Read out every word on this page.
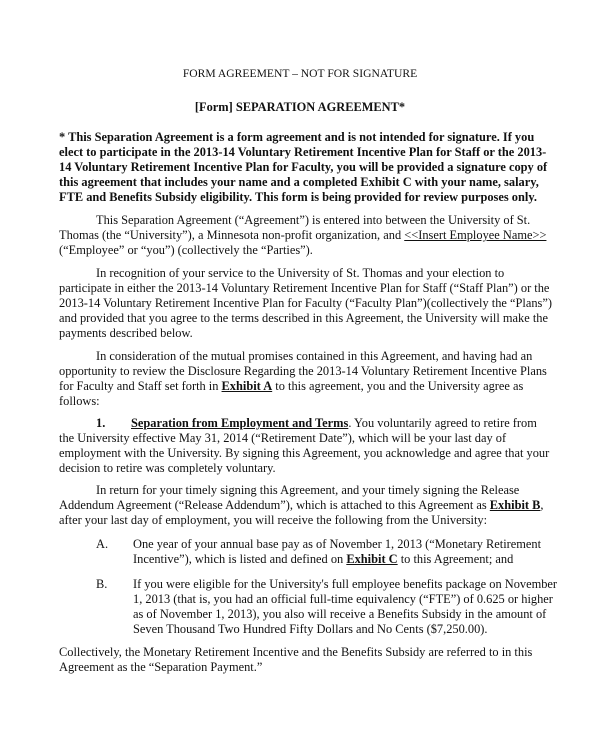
FORM AGREEMENT – NOT FOR SIGNATURE
[Form] SEPARATION AGREEMENT*
* This Separation Agreement is a form agreement and is not intended for signature. If you
elect to participate in the 2013-14 Voluntary Retirement Incentive Plan for Staff or the 2013-
14 Voluntary Retirement Incentive Plan for Faculty, you will be provided a signature copy of
this agreement that includes your name and a completed Exhibit C with your name, salary,
FTE and Benefits Subsidy eligibility. This form is being provided for review purposes only.
This Separation Agreement (“Agreement”) is entered into between the University of St.
Thomas (the “University”), a Minnesota non-profit organization, and <<Insert Employee Name>>
(“Employee” or “you”) (collectively the “Parties”).
In recognition of your service to the University of St. Thomas and your election to
participate in either the 2013-14 Voluntary Retirement Incentive Plan for Staff (“Staff Plan”) or the
2013-14 Voluntary Retirement Incentive Plan for Faculty (“Faculty Plan”)(collectively the “Plans”)
and provided that you agree to the terms described in this Agreement, the University will make the
payments described below.
In consideration of the mutual promises contained in this Agreement, and having had an
opportunity to review the Disclosure Regarding the 2013-14 Voluntary Retirement Incentive Plans
for Faculty and Staff set forth in Exhibit A to this agreement, you and the University agree as
follows:
1. Separation from Employment and Terms. You voluntarily agreed to retire from
the University effective May 31, 2014 (“Retirement Date”), which will be your last day of
employment with the University. By signing this Agreement, you acknowledge and agree that your
decision to retire was completely voluntary.
In return for your timely signing this Agreement, and your timely signing the Release
Addendum Agreement (“Release Addendum”), which is attached to this Agreement as Exhibit B,
after your last day of employment, you will receive the following from the University:
A. One year of your annual base pay as of November 1, 2013 (“Monetary Retirement
Incentive”), which is listed and defined on Exhibit C to this Agreement; and
B. If you were eligible for the University's full employee benefits package on November
1, 2013 (that is, you had an official full-time equivalency (“FTE”) of 0.625 or higher
as of November 1, 2013), you also will receive a Benefits Subsidy in the amount of
Seven Thousand Two Hundred Fifty Dollars and No Cents ($7,250.00).
Collectively, the Monetary Retirement Incentive and the Benefits Subsidy are referred to in this
Agreement as the “Separation Payment.”
